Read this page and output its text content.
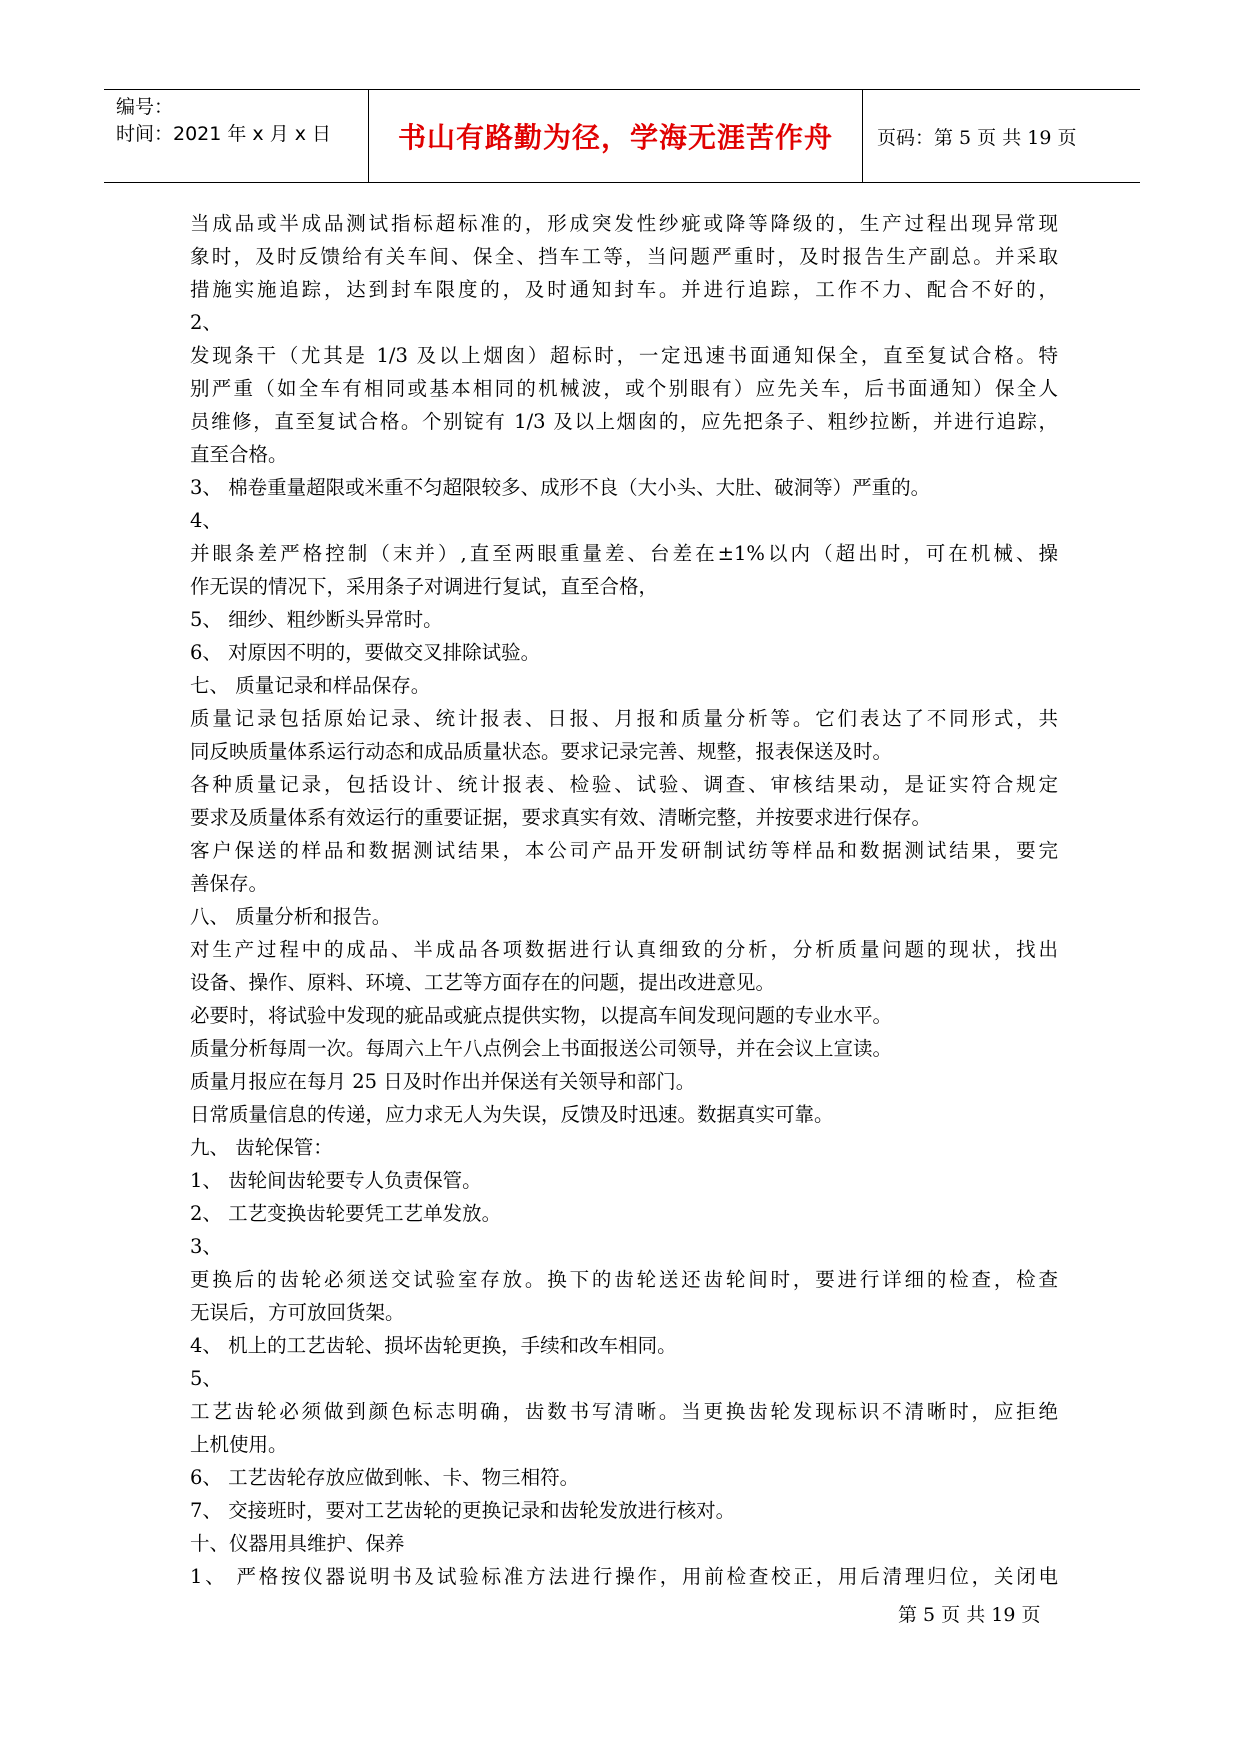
编号：
时间：2021 年 x 月 x 日	书山有路勤为径，学海无涯苦作舟	页码：第 5 页 共 19 页
当成品或半成品测试指标超标准的，形成突发性纱疵或降等降级的，生产过程出现异常现
象时，及时反馈给有关车间、保全、挡车工等，当问题严重时，及时报告生产副总。并采取
措施实施追踪，达到封车限度的，及时通知封车。并进行追踪，工作不力、配合不好的，
2、
发现条干（尤其是 1/3 及以上烟囱）超标时，一定迅速书面通知保全，直至复试合格。特
别严重（如全车有相同或基本相同的机械波，或个别眼有）应先关车，后书面通知）保全人
员维修，直至复试合格。个别锭有 1/3 及以上烟囱的，应先把条子、粗纱拉断，并进行追踪，
直至合格。
3、 棉卷重量超限或米重不匀超限较多、成形不良（大小头、大肚、破洞等）严重的。
4、
并眼条差严格控制（末并）,直至两眼重量差、台差在±1%以内（超出时，可在机械、操
作无误的情况下，采用条子对调进行复试，直至合格，
5、 细纱、粗纱断头异常时。
6、 对原因不明的，要做交叉排除试验。
七、 质量记录和样品保存。
质量记录包括原始记录、统计报表、日报、月报和质量分析等。它们表达了不同形式，共
同反映质量体系运行动态和成品质量状态。要求记录完善、规整，报表保送及时。
各种质量记录，包括设计、统计报表、检验、试验、调查、审核结果动，是证实符合规定
要求及质量体系有效运行的重要证据，要求真实有效、清晰完整，并按要求进行保存。
客户保送的样品和数据测试结果，本公司产品开发研制试纺等样品和数据测试结果，要完
善保存。
八、 质量分析和报告。
对生产过程中的成品、半成品各项数据进行认真细致的分析，分析质量问题的现状，找出
设备、操作、原料、环境、工艺等方面存在的问题，提出改进意见。
必要时，将试验中发现的疵品或疵点提供实物，以提高车间发现问题的专业水平。
质量分析每周一次。每周六上午八点例会上书面报送公司领导，并在会议上宣读。
质量月报应在每月 25 日及时作出并保送有关领导和部门。
日常质量信息的传递，应力求无人为失误，反馈及时迅速。数据真实可靠。
九、 齿轮保管：
1、 齿轮间齿轮要专人负责保管。
2、 工艺变换齿轮要凭工艺单发放。
3、
更换后的齿轮必须送交试验室存放。换下的齿轮送还齿轮间时，要进行详细的检查，检查
无误后，方可放回货架。
4、 机上的工艺齿轮、损坏齿轮更换，手续和改车相同。
5、
工艺齿轮必须做到颜色标志明确，齿数书写清晰。当更换齿轮发现标识不清晰时，应拒绝
上机使用。
6、 工艺齿轮存放应做到帐、卡、物三相符。
7、 交接班时，要对工艺齿轮的更换记录和齿轮发放进行核对。
十、仪器用具维护、保养
1、 严格按仪器说明书及试验标准方法进行操作，用前检查校正，用后清理归位，关闭电
第 5 页 共 19 页
